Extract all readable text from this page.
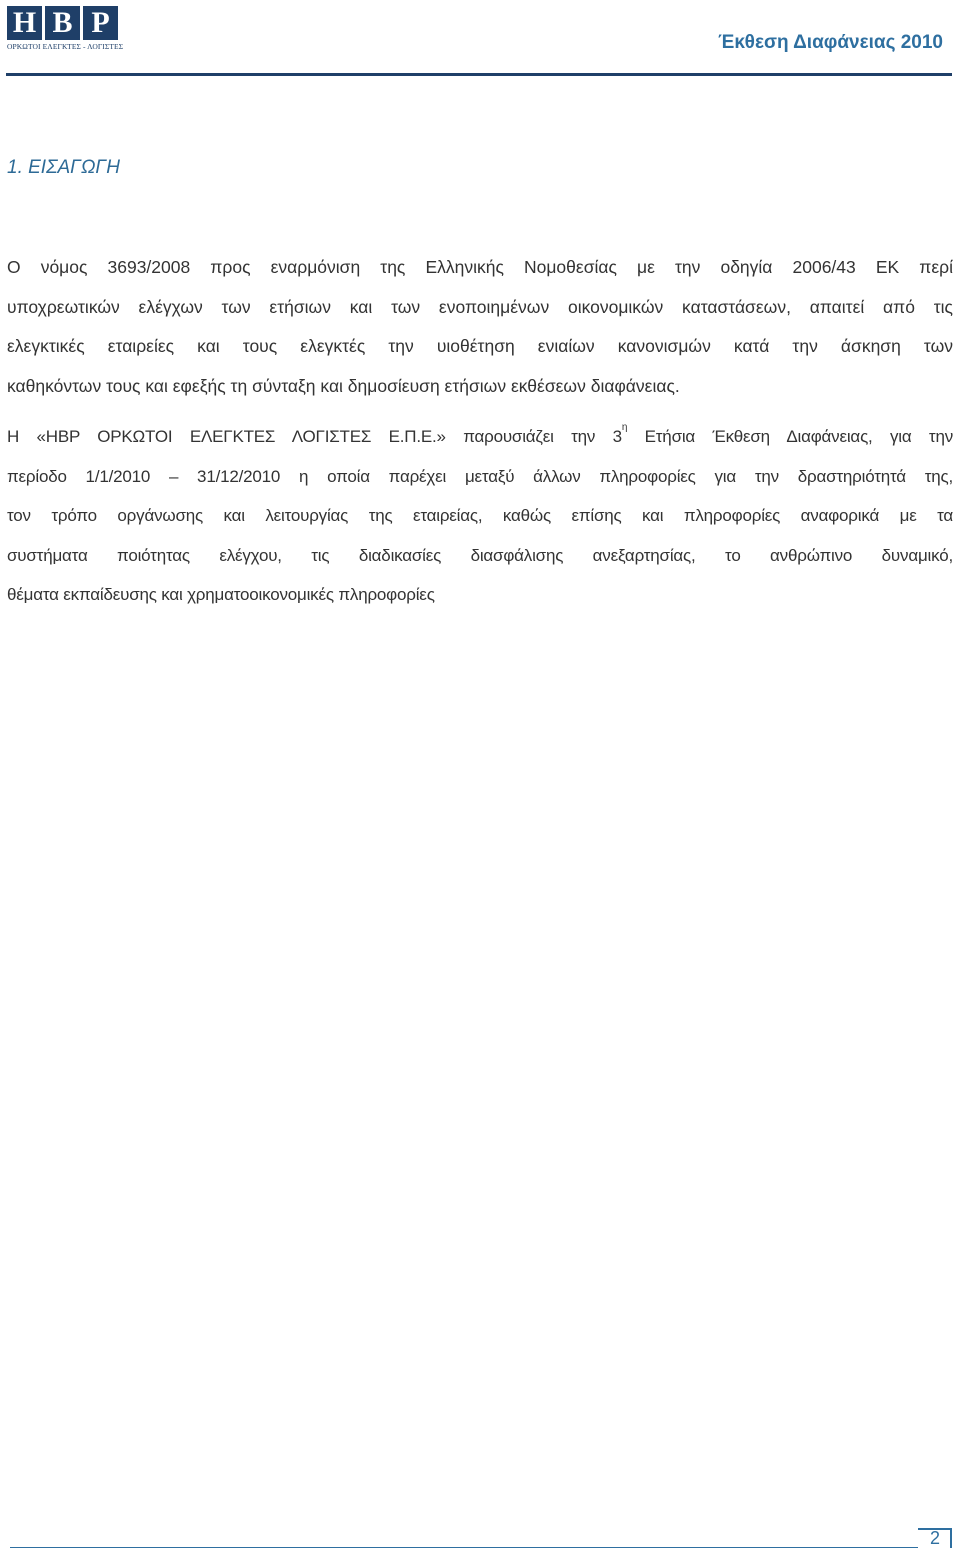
H B P
ΟΡΚΩΤΟΙ ΕΛΕΓΚΤΕΣ - ΛΟΓΙΣΤΕΣ	Έκθεση Διαφάνειας 2010
1. ΕΙΣΑΓΩΓΗ
Ο νόμος 3693/2008 προς εναρμόνιση της Ελληνικής Νομοθεσίας με την οδηγία 2006/43 ΕΚ περί
υποχρεωτικών ελέγχων των ετήσιων και των ενοποιημένων οικονομικών καταστάσεων, απαιτεί από τις
ελεγκτικές εταιρείες και τους ελεγκτές την υιοθέτηση ενιαίων κανονισμών κατά την άσκηση των
καθηκόντων τους και εφεξής τη σύνταξη και δημοσίευση ετήσιων εκθέσεων διαφάνειας.
Η «HBP ΟΡΚΩΤΟΙ ΕΛΕΓΚΤΕΣ ΛΟΓΙΣΤΕΣ Ε.Π.Ε.» παρουσιάζει την $3^\eta$ Ετήσια Έκθεση Διαφάνειας, για την
περίοδο 1/1/2010 – 31/12/2010 η οποία παρέχει μεταξύ άλλων πληροφορίες για την δραστηριότητά της,
τον τρόπο οργάνωσης και λειτουργίας της εταιρείας, καθώς επίσης και πληροφορίες αναφορικά με τα
συστήματα ποιότητας ελέγχου, τις διαδικασίες διασφάλισης ανεξαρτησίας, το ανθρώπινο δυναμικό,
θέματα εκπαίδευσης και χρηματοοικονομικές πληροφορίες
2
